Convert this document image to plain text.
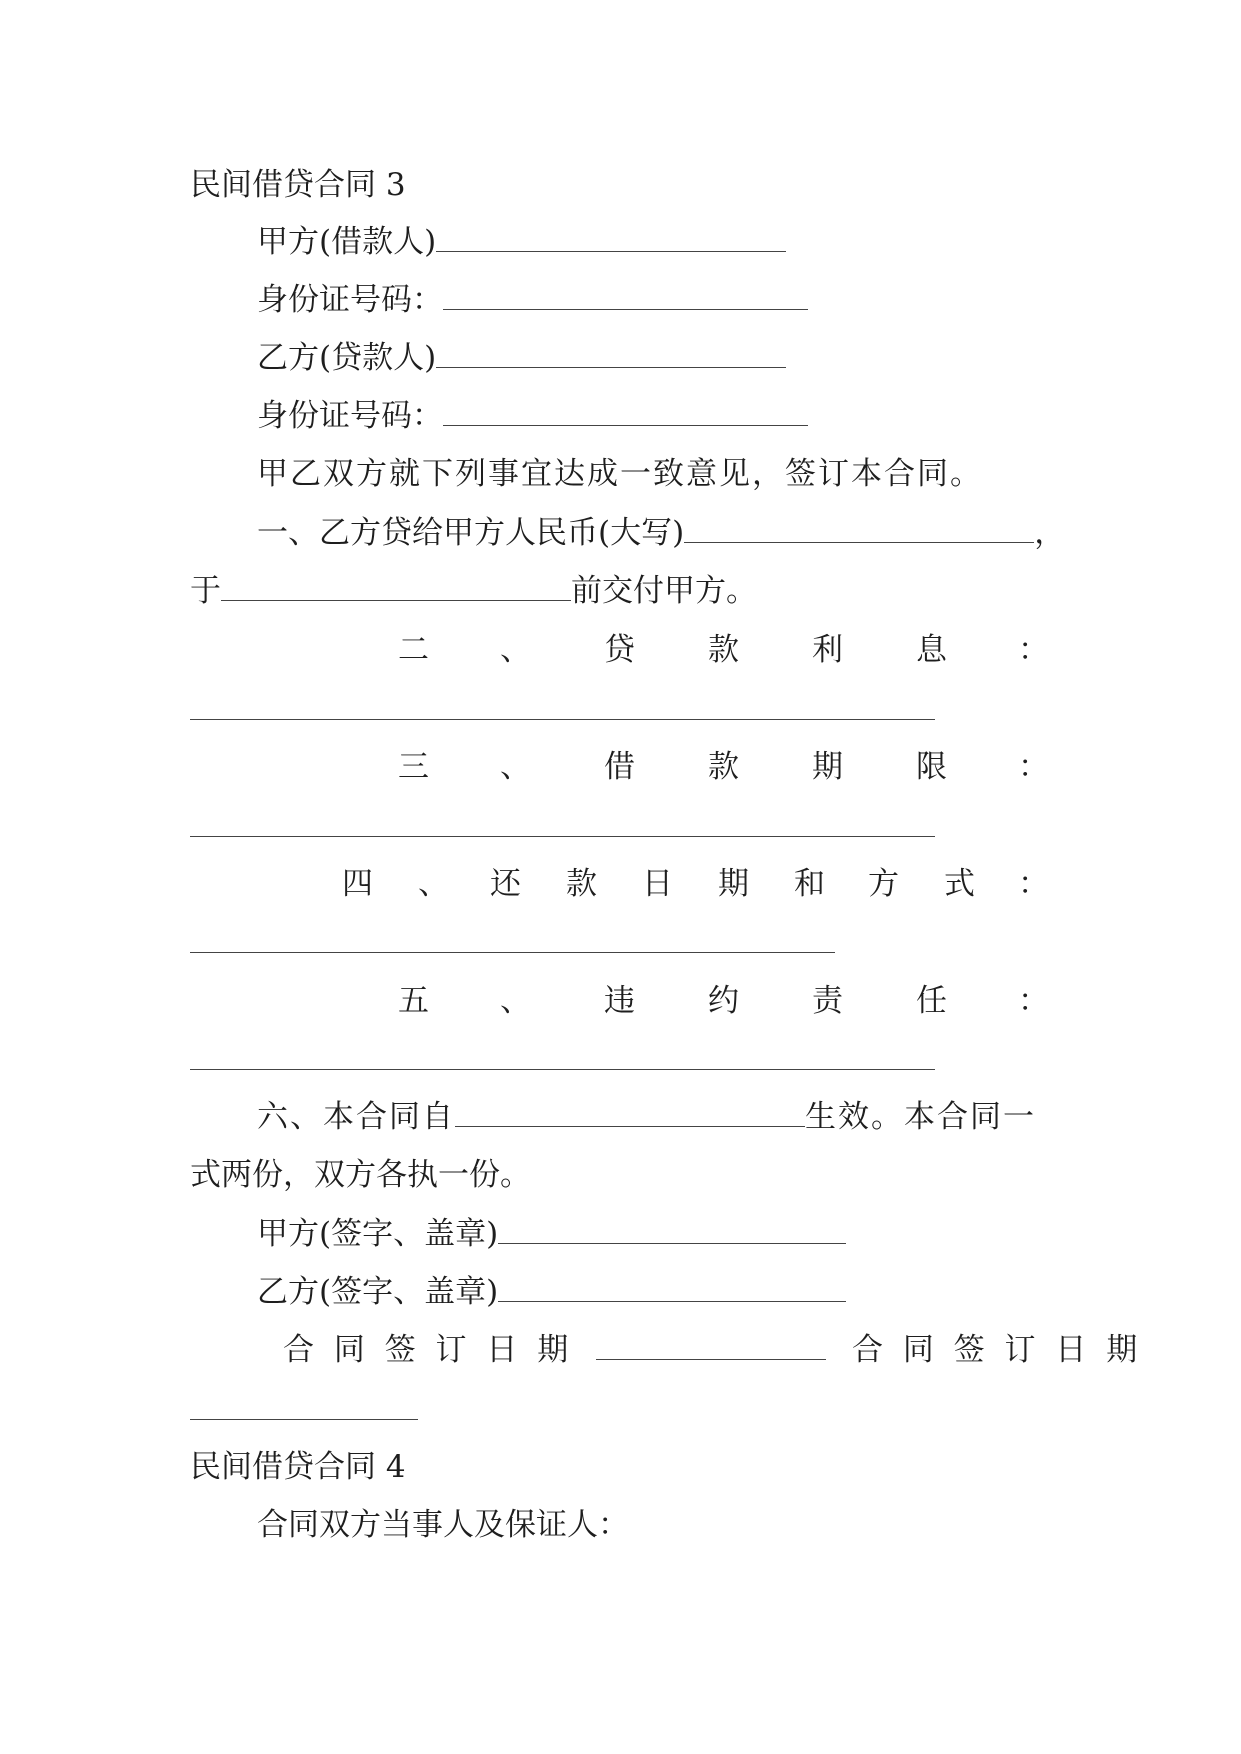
民间借贷合同 3
甲方(借款人)
身份证号码：
乙方(贷款人)
身份证号码：
甲乙双方就下列事宜达成一致意见，签订本合同。
一、乙方贷给甲方人民币(大写)	，
于	前交付甲方。
二 、 贷 款 利 息 ：
三 、 借 款 期 限 ：
四 、 还 款 日 期 和 方 式 ：
五 、 违 约 责 任 ：
六、本合同自	生效。本合同一
式两份，双方各执一份。
甲方(签字、盖章)
乙方(签字、盖章)
合 同 签 订 日 期	合 同 签 订 日 期
民间借贷合同 4
合同双方当事人及保证人：
